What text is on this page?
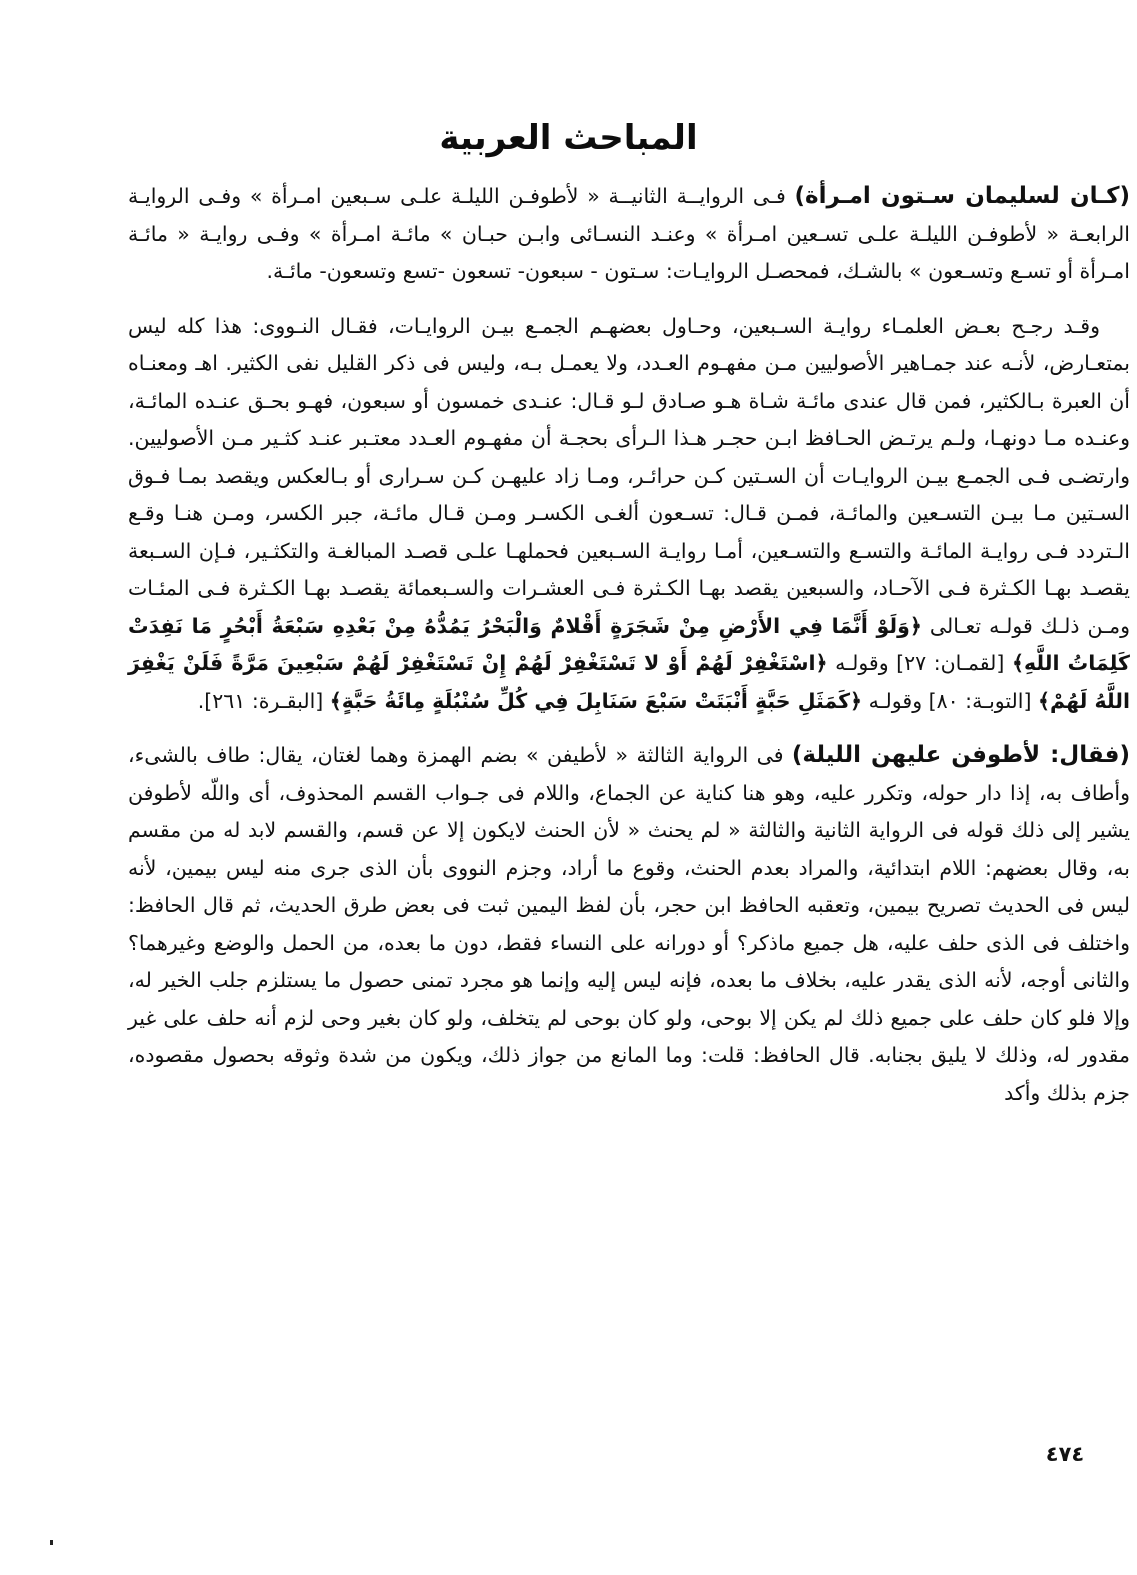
المباحث العربية

(كـان لسليمان سـتون امـرأة) فـى الروايــة الثانيــة « لأطوفـن الليلـة علـى سـبعين امـرأة » وفـى الروايـة الرابعـة « لأطوفـن الليلـة علـى تسـعين امـرأة » وعنـد النسـائى وابـن حبـان » مائـة امـرأة » وفـى روايـة « مائـة امـرأة أو تسـع وتسـعون » بالشـك، فمحصـل الروايـات: سـتون - سبعون- تسعون -تسع وتسعون- مائـة.

وقـد رجـح بعـض العلمـاء روايـة السـبعين، وحـاول بعضهـم الجمـع بيـن الروايـات، فقـال النـووى: هذا كله ليس بمتعـارض، لأنـه عند جمـاهير الأصوليين مـن مفهـوم العـدد، ولا يعمـل بـه، وليس فى ذكر القليل نفى الكثير. اهـ ومعنـاه أن العبرة بـالكثير، فمن قال عندى مائـة شـاة هـو صـادق لـو قـال: عنـدى خمسون أو سبعون، فهـو بحـق عنـده المائـة، وعنـده مـا دونهـا، ولـم يرتـض الحـافظ ابـن حجـر هـذا الـرأى بحجـة أن مفهـوم العـدد معتـبر عنـد كثـير مـن الأصوليين. وارتضـى فـى الجمـع بيـن الروايـات أن السـتين كـن حرائـر، ومـا زاد عليهـن كـن سـرارى أو بـالعكس ويقصد بمـا فـوق السـتين مـا بيـن التسـعين والمائـة، فمـن قـال: تسـعون ألغـى الكسـر ومـن قـال مائـة، جبر الكسر، ومـن هنـا وقـع الـتردد فـى روايـة المائـة والتسـع والتسـعين، أمـا روايـة السـبعين فحملهـا علـى قصـد المبالغـة والتكثـير، فـإن السـبعة يقصـد بهـا الكـثرة فـى الآحـاد، والسبعين يقصد بهـا الكـثرة فـى العشـرات والسـبعمائة يقصـد بهـا الكـثرة فـى المئـات ومـن ذلـك قولـه تعـالى ﴿وَلَوْ أَنَّمَا فِي الأَرْضِ مِنْ شَجَرَةٍ أَقْلامٌ وَالْبَحْرُ يَمُدُّهُ مِنْ بَعْدِهِ سَبْعَةُ أَبْحُرٍ مَا نَفِدَتْ كَلِمَاتُ اللَّهِ﴾ [لقمـان: ٢٧] وقولـه ﴿اسْتَغْفِرْ لَهُمْ أَوْ لا تَسْتَغْفِرْ لَهُمْ إِنْ تَسْتَغْفِرْ لَهُمْ سَبْعِينَ مَرَّةً فَلَنْ يَغْفِرَ اللَّهُ لَهُمْ﴾ [التوبـة: ٨٠] وقولـه ﴿كَمَثَلِ حَبَّةٍ أَنْبَتَتْ سَبْعَ سَنَابِلَ فِي كُلِّ سُنْبُلَةٍ مِائَةُ حَبَّةٍ﴾ [البقـرة: ٢٦١].

(فقال: لأطوفن عليهن الليلة) فى الرواية الثالثة « لأطيفن » بضم الهمزة وهما لغتان، يقال: طاف بالشىء، وأطاف به، إذا دار حوله، وتكرر عليه، وهو هنا كناية عن الجماع، واللام فى جـواب القسم المحذوف، أى واللّه لأطوفن يشير إلى ذلك قوله فى الرواية الثانية والثالثة « لم يحنث « لأن الحنث لايكون إلا عن قسم، والقسم لابد له من مقسم به، وقال بعضهم: اللام ابتدائية، والمراد بعدم الحنث، وقوع ما أراد، وجزم النووى بأن الذى جرى منه ليس بيمين، لأنه ليس فى الحديث تصريح بيمين، وتعقبه الحافظ ابن حجر، بأن لفظ اليمين ثبت فى بعض طرق الحديث، ثم قال الحافظ: واختلف فى الذى حلف عليه، هل جميع ماذكر؟ أو دورانه على النساء فقط، دون ما بعده، من الحمل والوضع وغيرهما؟ والثانى أوجه، لأنه الذى يقدر عليه، بخلاف ما بعده، فإنه ليس إليه وإنما هو مجرد تمنى حصول ما يستلزم جلب الخير له، وإلا فلو كان حلف على جميع ذلك لم يكن إلا بوحى، ولو كان بوحى لم يتخلف، ولو كان بغير وحى لزم أنه حلف على غير مقدور له، وذلك لا يليق بجنابه. قال الحافظ: قلت: وما المانع من جواز ذلك، ويكون من شدة وثوقه بحصول مقصوده، جزم بذلك وأكد

٤٧٤
